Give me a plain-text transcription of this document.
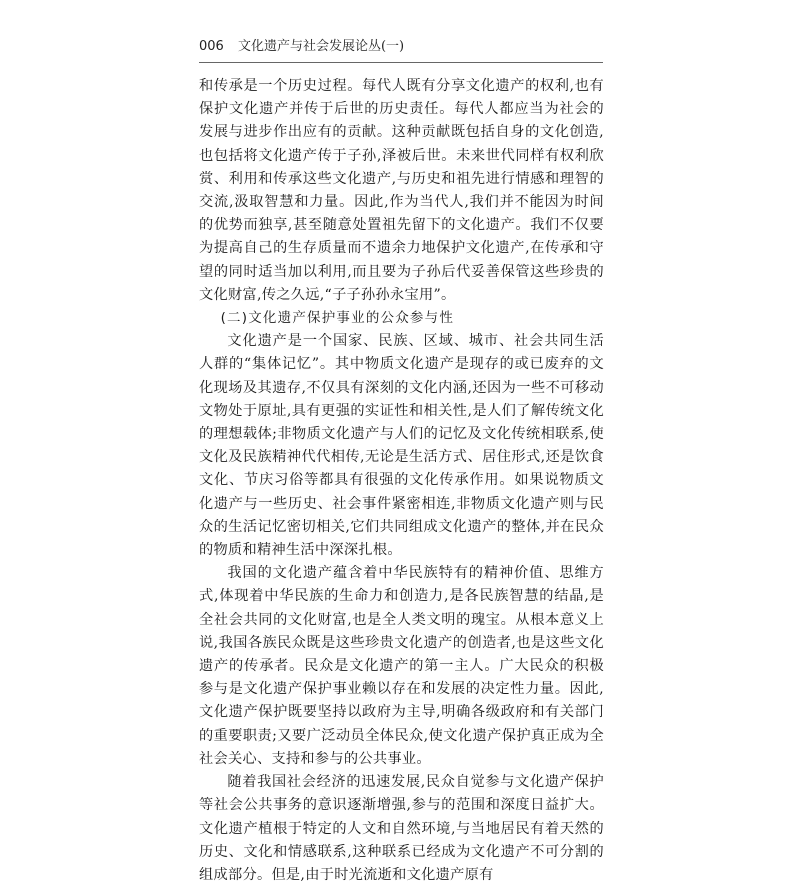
006 文化遗产与社会发展论丛(一)

和传承是一个历史过程。每代人既有分享文化遗产的权利,也有保护文化遗产并传于后世的历史责任。每代人都应当为社会的发展与进步作出应有的贡献。这种贡献既包括自身的文化创造,也包括将文化遗产传于子孙,泽被后世。未来世代同样有权利欣赏、利用和传承这些文化遗产,与历史和祖先进行情感和理智的交流,汲取智慧和力量。因此,作为当代人,我们并不能因为时间的优势而独享,甚至随意处置祖先留下的文化遗产。我们不仅要为提高自己的生存质量而不遗余力地保护文化遗产,在传承和守望的同时适当加以利用,而且要为子孙后代妥善保管这些珍贵的文化财富,传之久远,“子子孙孙永宝用”。

(二)文化遗产保护事业的公众参与性

文化遗产是一个国家、民族、区域、城市、社会共同生活人群的“集体记忆”。其中物质文化遗产是现存的或已废弃的文化现场及其遗存,不仅具有深刻的文化内涵,还因为一些不可移动文物处于原址,具有更强的实证性和相关性,是人们了解传统文化的理想载体;非物质文化遗产与人们的记忆及文化传统相联系,使文化及民族精神代代相传,无论是生活方式、居住形式,还是饮食文化、节庆习俗等都具有很强的文化传承作用。如果说物质文化遗产与一些历史、社会事件紧密相连,非物质文化遗产则与民众的生活记忆密切相关,它们共同组成文化遗产的整体,并在民众的物质和精神生活中深深扎根。

我国的文化遗产蕴含着中华民族特有的精神价值、思维方式,体现着中华民族的生命力和创造力,是各民族智慧的结晶,是全社会共同的文化财富,也是全人类文明的瑰宝。从根本意义上说,我国各族民众既是这些珍贵文化遗产的创造者,也是这些文化遗产的传承者。民众是文化遗产的第一主人。广大民众的积极参与是文化遗产保护事业赖以存在和发展的决定性力量。因此,文化遗产保护既要坚持以政府为主导,明确各级政府和有关部门的重要职责;又要广泛动员全体民众,使文化遗产保护真正成为全社会关心、支持和参与的公共事业。

随着我国社会经济的迅速发展,民众自觉参与文化遗产保护等社会公共事务的意识逐渐增强,参与的范围和深度日益扩大。文化遗产植根于特定的人文和自然环境,与当地居民有着天然的历史、文化和情感联系,这种联系已经成为文化遗产不可分割的组成部分。但是,由于时光流逝和文化遗产原有
